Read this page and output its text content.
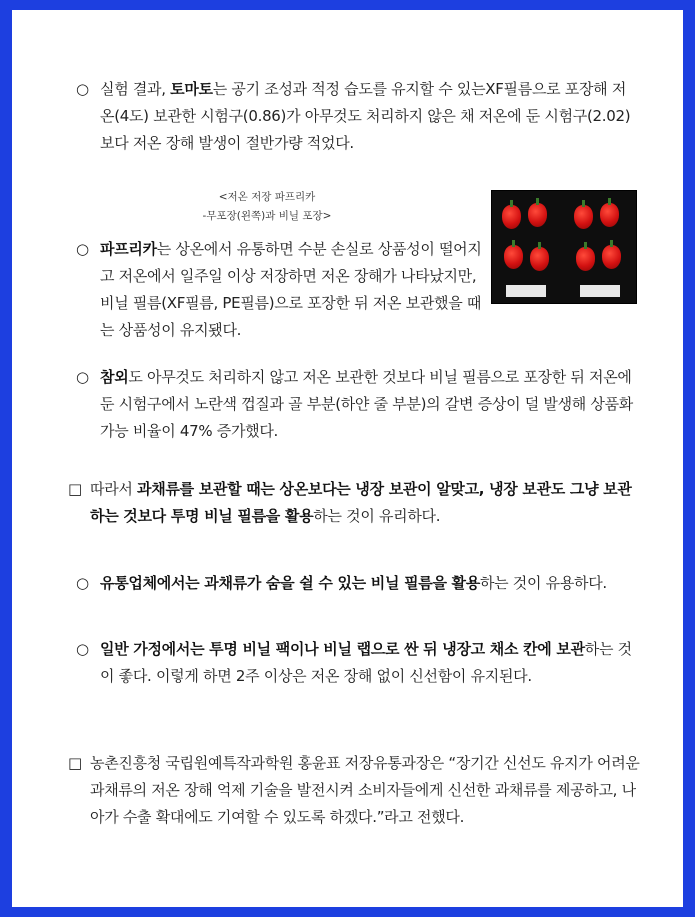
○ 실험 결과, 토마토는 공기 조성과 적정 습도를 유지할 수 있는XF필름으로 포장해 저온(4도) 보관한 시험구(0.86)가 아무것도 처리하지 않은 채 저온에 둔 시험구(2.02)보다 저온 장해 발생이 절반가량 적었다.
<저온 저장 파프리카
-무포장(왼쪽)과 비닐 포장>
○ 파프리카는 상온에서 유통하면 수분 손실로 상품성이 떨어지고 저온에서 일주일 이상 저장하면 저온 장해가 나타났지만, 비닐 필름(XF필름, PE필름)으로 포장한 뒤 저온 보관했을 때는 상품성이 유지됐다.
○ 참외도 아무것도 처리하지 않고 저온 보관한 것보다 비닐 필름으로 포장한 뒤 저온에 둔 시험구에서 노란색 껍질과 골 부분(하얀 줄 부분)의 갈변 증상이 덜 발생해 상품화 가능 비율이 47% 증가했다.
□ 따라서 과채류를 보관할 때는 상온보다는 냉장 보관이 알맞고, 냉장 보관도 그냥 보관하는 것보다 투명 비닐 필름을 활용하는 것이 유리하다.
○ 유통업체에서는 과채류가 숨을 쉴 수 있는 비닐 필름을 활용하는 것이 유용하다.
○ 일반 가정에서는 투명 비닐 팩이나 비닐 랩으로 싼 뒤 냉장고 채소 칸에 보관하는 것이 좋다. 이렇게 하면 2주 이상은 저온 장해 없이 신선함이 유지된다.
□ 농촌진흥청 국립원예특작과학원 홍윤표 저장유통과장은 “장기간 신선도 유지가 어려운 과채류의 저온 장해 억제 기술을 발전시켜 소비자들에게 신선한 과채류를 제공하고, 나아가 수출 확대에도 기여할 수 있도록 하겠다.”라고 전했다.
